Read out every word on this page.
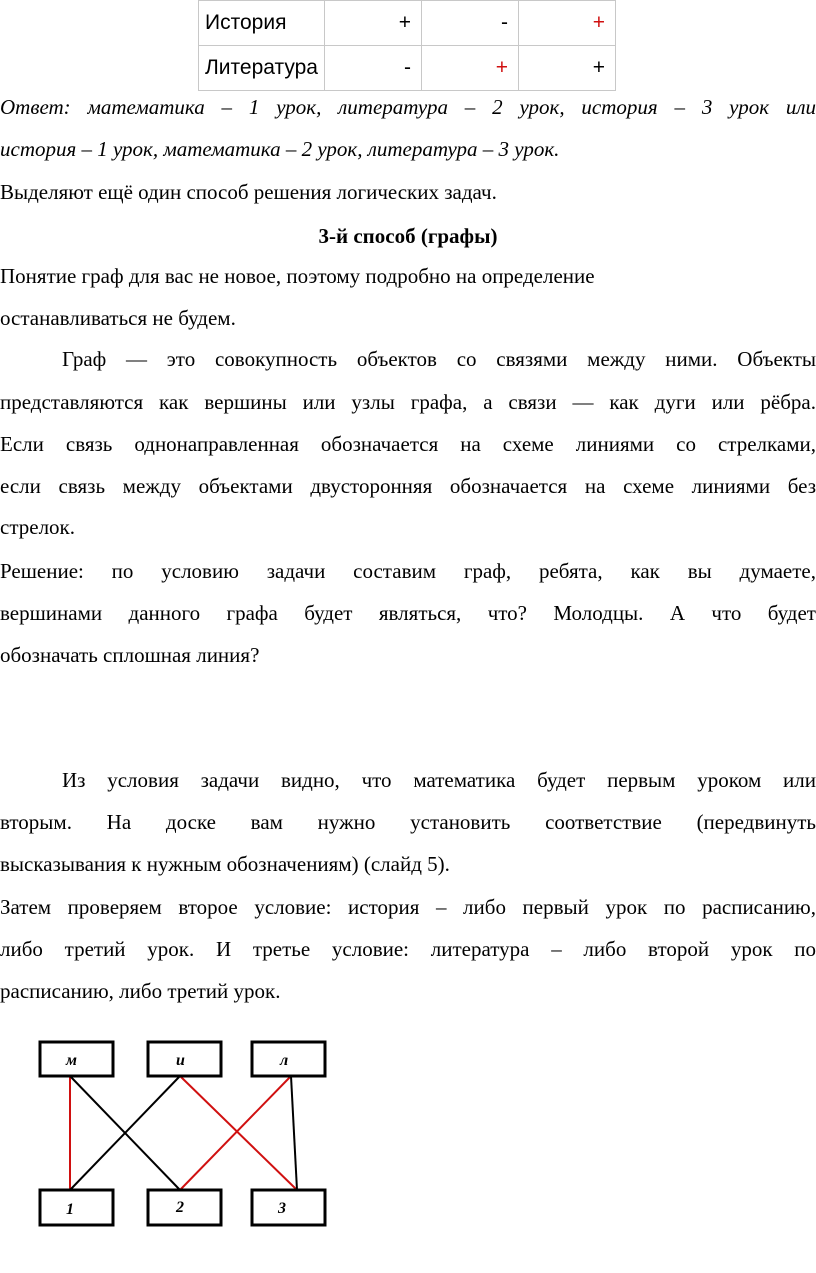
История	+	-	+
Литература	-	+	+
Ответ: математика – 1 урок, литература – 2 урок, история – 3 урок или
история – 1 урок, математика – 2 урок, литература – 3 урок.
Выделяют ещё один способ решения логических задач.
3-й способ (графы)
Понятие граф для вас не новое, поэтому подробно на определение
останавливаться не будем.
Граф — это совокупность объектов со связями между ними. Объекты
представляются как вершины или узлы графа, а связи — как дуги или рёбра.
Если связь однонаправленная обозначается на схеме линиями со стрелками,
если связь между объектами двусторонняя обозначается на схеме линиями без
стрелок.
Решение: по условию задачи составим граф, ребята, как вы думаете,
вершинами данного графа будет являться, что? Молодцы. А что будет
обозначать сплошная линия?
Из условия задачи видно, что математика будет первым уроком или
вторым. На доске вам нужно установить соответствие (передвинуть
высказывания к нужным обозначениям) (слайд 5).
Затем проверяем второе условие: история – либо первый урок по расписанию,
либо третий урок. И третье условие: литература – либо второй урок по
расписанию, либо третий урок.
м	и	л
1	2	3
